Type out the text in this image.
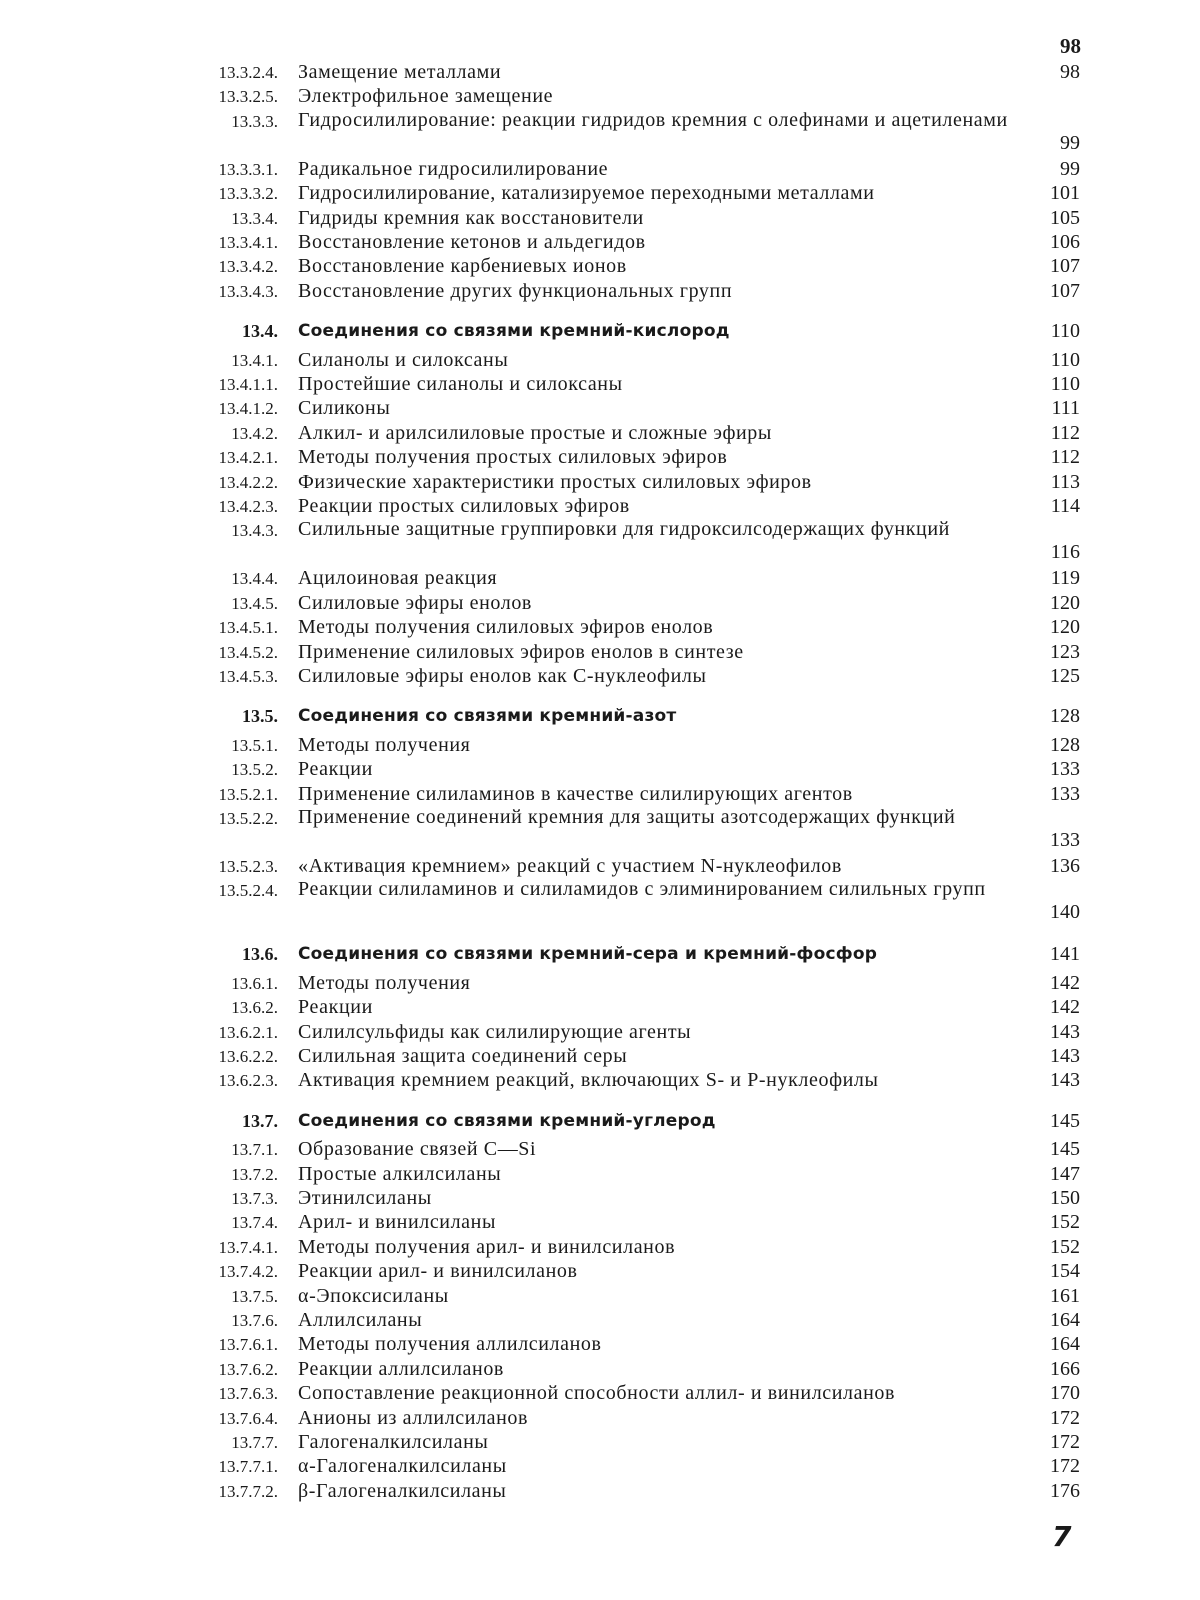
98
13.3.2.4. Замещение металлами	98
13.3.2.5. Электрофильное замещение
13.3.3. Гидросилилирование: реакции гидридов кремния с олефинами и ацетиленами
99
13.3.3.1. Радикальное гидросилилирование	99
13.3.3.2. Гидросилилирование, катализируемое переходными металлами	101
13.3.4. Гидриды кремния как восстановители	105
13.3.4.1. Восстановление кетонов и альдегидов	106
13.3.4.2. Восстановление карбениевых ионов	107
13.3.4.3. Восстановление других функциональных групп	107
13.4. Соединения со связями кремний-кислород	110
13.4.1. Силанолы и силоксаны	110
13.4.1.1. Простейшие силанолы и силоксаны	110
13.4.1.2. Силиконы	111
13.4.2. Алкил- и арилсилиловые простые и сложные эфиры	112
13.4.2.1. Методы получения простых силиловых эфиров	112
13.4.2.2. Физические характеристики простых силиловых эфиров	113
13.4.2.3. Реакции простых силиловых эфиров	114
13.4.3. Силильные защитные группировки для гидроксилсодержащих функций
116
13.4.4. Ацилоиновая реакция	119
13.4.5. Силиловые эфиры енолов	120
13.4.5.1. Методы получения силиловых эфиров енолов	120
13.4.5.2. Применение силиловых эфиров енолов в синтезе	123
13.4.5.3. Силиловые эфиры енолов как С-нуклеофилы	125
13.5. Соединения со связями кремний-азот	128
13.5.1. Методы получения	128
13.5.2. Реакции	133
13.5.2.1. Применение силиламинов в качестве силилирующих агентов	133
13.5.2.2. Применение соединений кремния для защиты азотсодержащих функций
133
13.5.2.3. «Активация кремнием» реакций с участием N-нуклеофилов	136
13.5.2.4. Реакции силиламинов и силиламидов с элиминированием силильных групп
140
13.6. Соединения со связями кремний-сера и кремний-фосфор	141
13.6.1. Методы получения	142
13.6.2. Реакции	142
13.6.2.1. Силилсульфиды как силилирующие агенты	143
13.6.2.2. Силильная защита соединений серы	143
13.6.2.3. Активация кремнием реакций, включающих S- и P-нуклеофилы	143
13.7. Соединения со связями кремний-углерод	145
13.7.1. Образование связей C—Si	145
13.7.2. Простые алкилсиланы	147
13.7.3. Этинилсиланы	150
13.7.4. Арил- и винилсиланы	152
13.7.4.1. Методы получения арил- и винилсиланов	152
13.7.4.2. Реакции арил- и винилсиланов	154
13.7.5. α-Эпоксисиланы	161
13.7.6. Аллилсиланы	164
13.7.6.1. Методы получения аллилсиланов	164
13.7.6.2. Реакции аллилсиланов	166
13.7.6.3. Сопоставление реакционной способности аллил- и винилсиланов	170
13.7.6.4. Анионы из аллилсиланов	172
13.7.7. Галогеналкилсиланы	172
13.7.7.1. α-Галогеналкилсиланы	172
13.7.7.2. β-Галогеналкилсиланы	176
7
